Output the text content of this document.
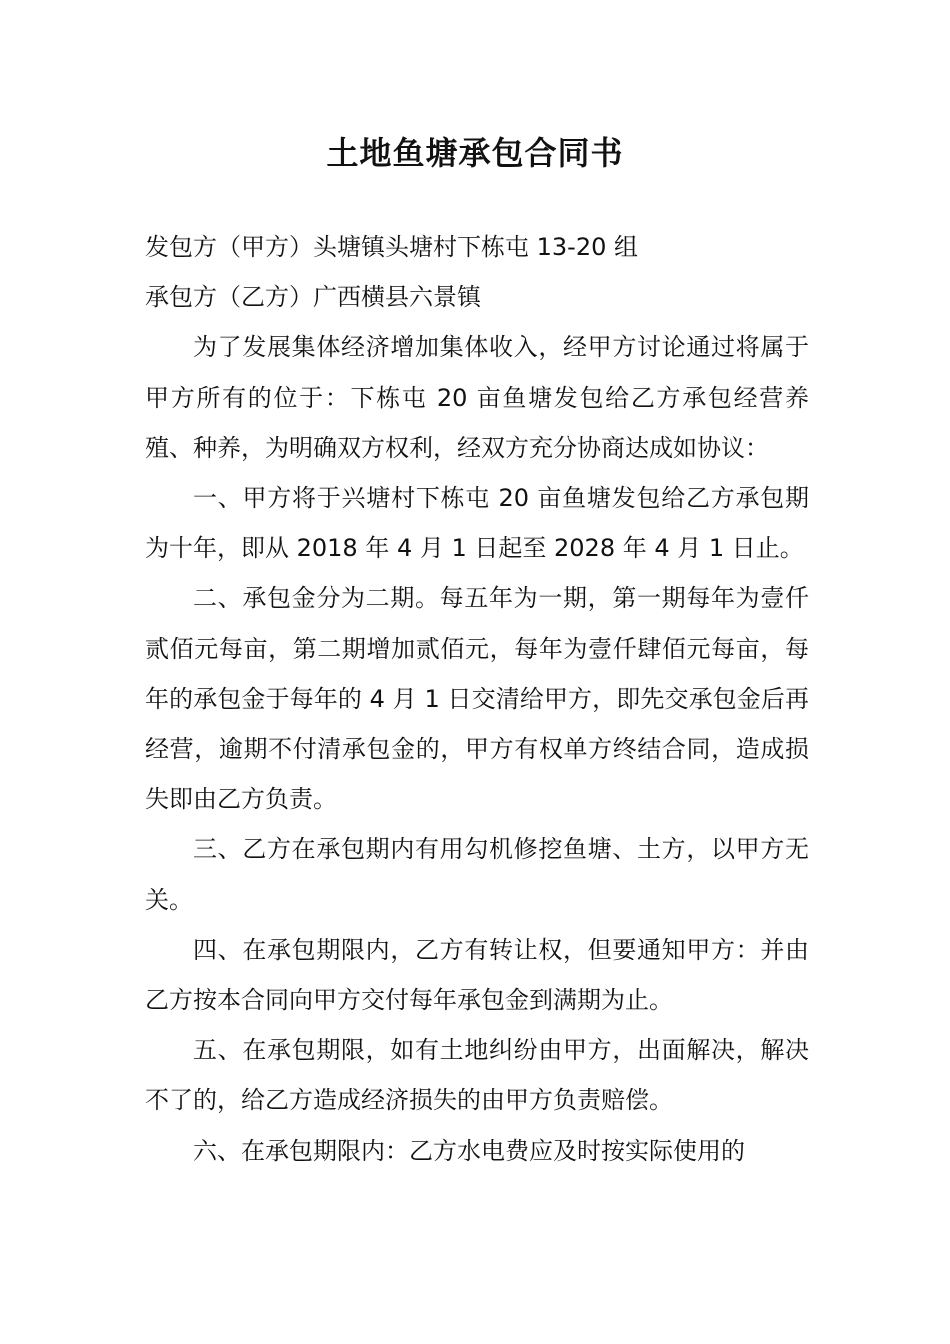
土地鱼塘承包合同书

发包方（甲方）头塘镇头塘村下栋屯 13-20 组

承包方（乙方）广西横县六景镇

为了发展集体经济增加集体收入，经甲方讨论通过将属于甲方所有的位于：下栋屯 20 亩鱼塘发包给乙方承包经营养殖、种养，为明确双方权利，经双方充分协商达成如协议：

一、甲方将于兴塘村下栋屯 20 亩鱼塘发包给乙方承包期为十年，即从 2018 年 4 月 1 日起至 2028 年 4 月 1 日止。

二、承包金分为二期。每五年为一期，第一期每年为壹仟贰佰元每亩，第二期增加贰佰元，每年为壹仟肆佰元每亩，每年的承包金于每年的 4 月 1 日交清给甲方，即先交承包金后再经营，逾期不付清承包金的，甲方有权单方终结合同，造成损失即由乙方负责。

三、乙方在承包期内有用勾机修挖鱼塘、土方，以甲方无关。

四、在承包期限内，乙方有转让权，但要通知甲方：并由乙方按本合同向甲方交付每年承包金到满期为止。

五、在承包期限，如有土地纠纷由甲方，出面解决，解决不了的，给乙方造成经济损失的由甲方负责赔偿。

六、在承包期限内：乙方水电费应及时按实际使用的
